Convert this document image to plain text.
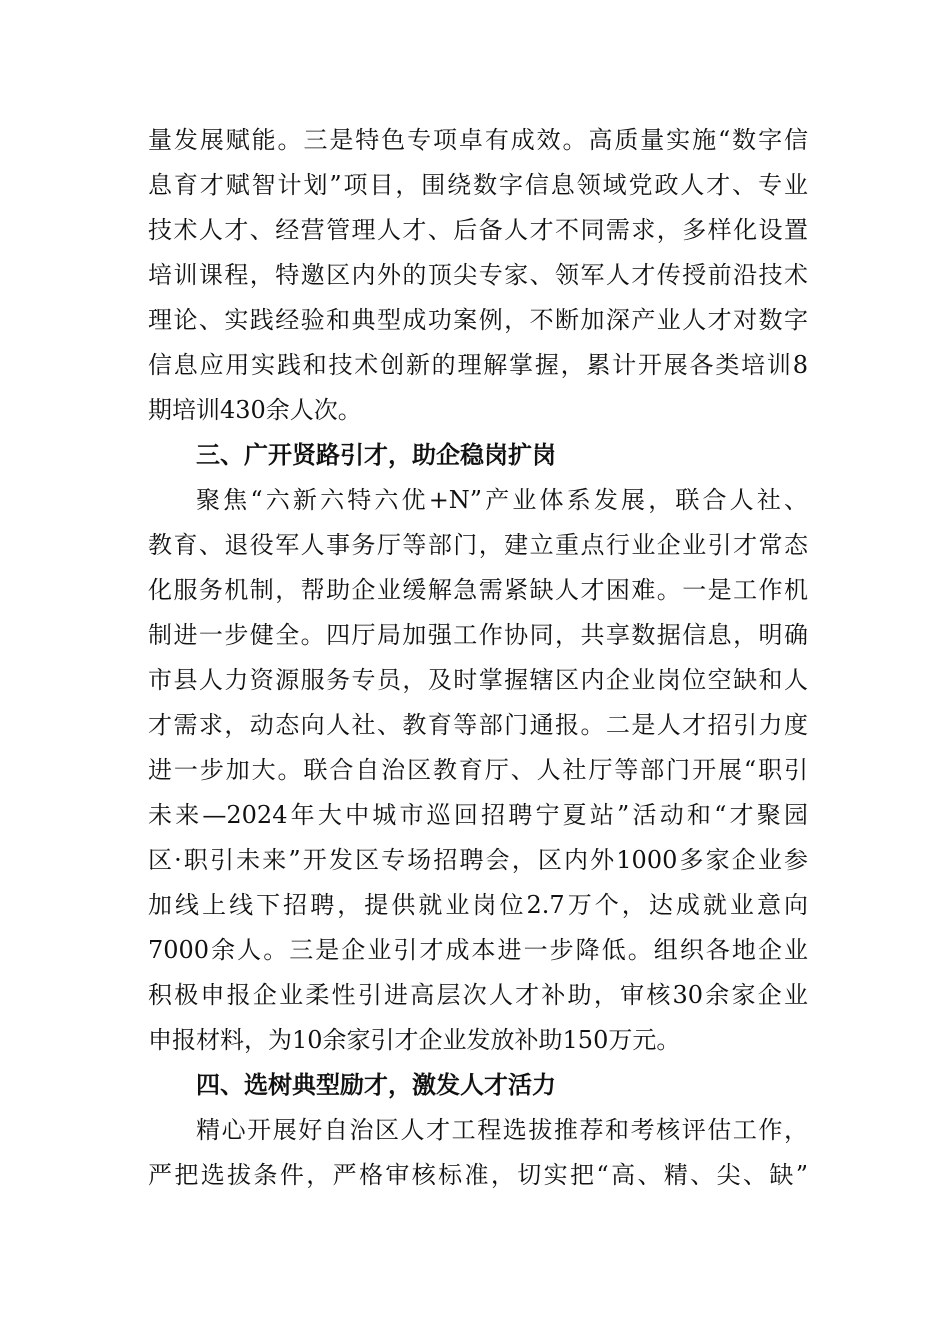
量发展赋能。三是特色专项卓有成效。高质量实施“数字信
息育才赋智计划”项目，围绕数字信息领域党政人才、专业
技术人才、经营管理人才、后备人才不同需求，多样化设置
培训课程，特邀区内外的顶尖专家、领军人才传授前沿技术
理论、实践经验和典型成功案例，不断加深产业人才对数字
信息应用实践和技术创新的理解掌握，累计开展各类培训8
期培训430余人次。
三、广开贤路引才，助企稳岗扩岗
聚焦“六新六特六优+N”产业体系发展，联合人社、
教育、退役军人事务厅等部门，建立重点行业企业引才常态
化服务机制，帮助企业缓解急需紧缺人才困难。一是工作机
制进一步健全。四厅局加强工作协同，共享数据信息，明确
市县人力资源服务专员，及时掌握辖区内企业岗位空缺和人
才需求，动态向人社、教育等部门通报。二是人才招引力度
进一步加大。联合自治区教育厅、人社厅等部门开展“职引
未来—2024年大中城市巡回招聘宁夏站”活动和“才聚园
区·职引未来”开发区专场招聘会，区内外1000多家企业参
加线上线下招聘，提供就业岗位2.7万个，达成就业意向
7000余人。三是企业引才成本进一步降低。组织各地企业
积极申报企业柔性引进高层次人才补助，审核30余家企业
申报材料，为10余家引才企业发放补助150万元。
四、选树典型励才，激发人才活力
精心开展好自治区人才工程选拔推荐和考核评估工作，
严把选拔条件，严格审核标准，切实把“高、精、尖、缺”
